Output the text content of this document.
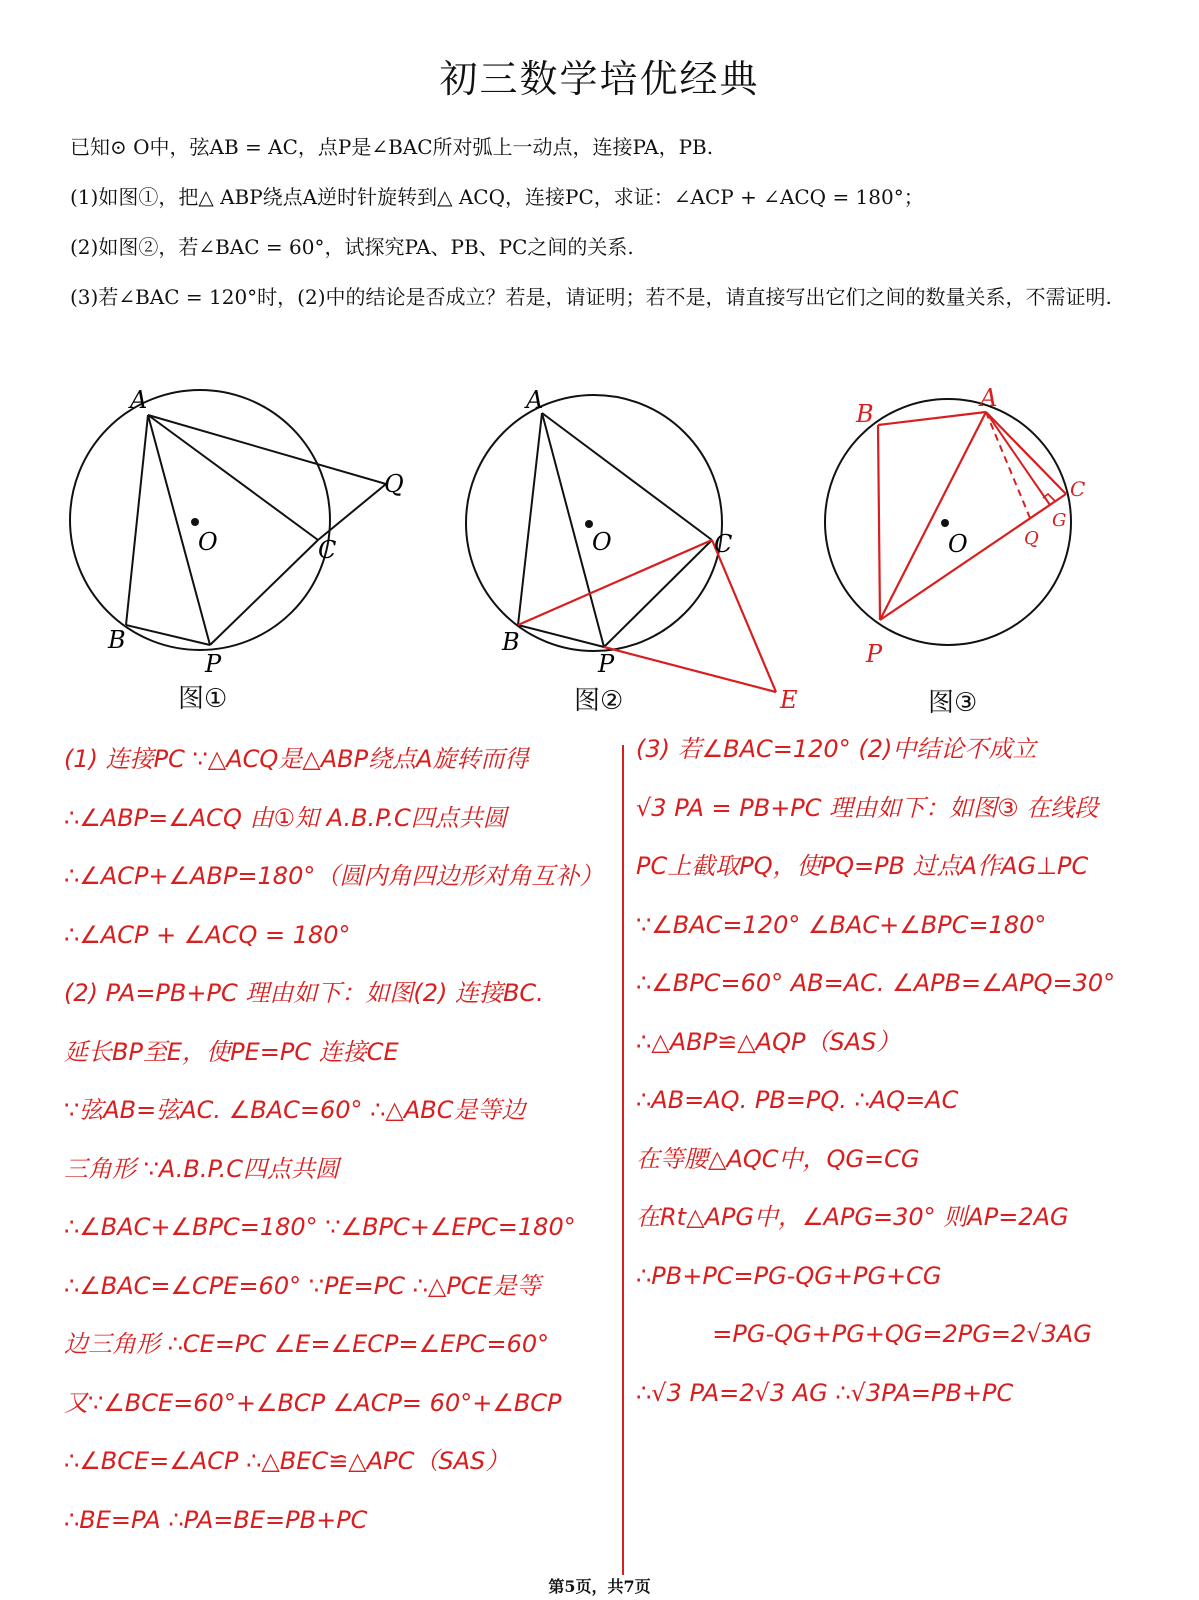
初三数学培优经典

已知⊙ O中，弦AB = AC，点P是∠BAC所对弧上一动点，连接PA，PB.

(1)如图①，把△ ABP绕点A逆时针旋转到△ ACQ，连接PC，求证：∠ACP + ∠ACQ = 180°；

(2)如图②，若∠BAC = 60°，试探究PA、PB、PC之间的关系.

(3)若∠BAC = 120°时，(2)中的结论是否成立？若是，请证明；若不是，请直接写出它们之间的数量关系，不需证明.

A
B
P
C
Q
O
A
B
P
C
E
O
B
A
P
C
G
Q
O
图①	图②	图③

(1) 连接PC ∵△ACQ是△ABP绕点A旋转而得

∴∠ABP=∠ACQ 由①知 A.B.P.C四点共圆

∴∠ACP+∠ABP=180°（圆内角四边形对角互补）

∴∠ACP + ∠ACQ = 180°

(2) PA=PB+PC 理由如下：如图(2) 连接BC.

延长BP至E，使PE=PC 连接CE

∵弦AB=弦AC. ∠BAC=60° ∴△ABC是等边

三角形 ∵A.B.P.C四点共圆

∴∠BAC+∠BPC=180° ∵∠BPC+∠EPC=180°

∴∠BAC=∠CPE=60° ∵PE=PC ∴△PCE是等

边三角形 ∴CE=PC ∠E=∠ECP=∠EPC=60°

又∵∠BCE=60°+∠BCP ∠ACP= 60°+∠BCP

∴∠BCE=∠ACP ∴△BEC≌△APC（SAS）

∴BE=PA ∴PA=BE=PB+PC

(3) 若∠BAC=120° (2)中结论不成立

√3 PA = PB+PC 理由如下：如图③ 在线段

PC上截取PQ，使PQ=PB 过点A作AG⊥PC

∵∠BAC=120° ∠BAC+∠BPC=180°

∴∠BPC=60° AB=AC. ∠APB=∠APQ=30°

∴△ABP≌△AQP（SAS）

∴AB=AQ. PB=PQ. ∴AQ=AC

在等腰△AQC中，QG=CG

在Rt△APG中，∠APG=30° 则AP=2AG

∴PB+PC=PG-QG+PG+CG

=PG-QG+PG+QG=2PG=2√3AG

∴√3 PA=2√3 AG ∴√3PA=PB+PC

第5页，共7页
